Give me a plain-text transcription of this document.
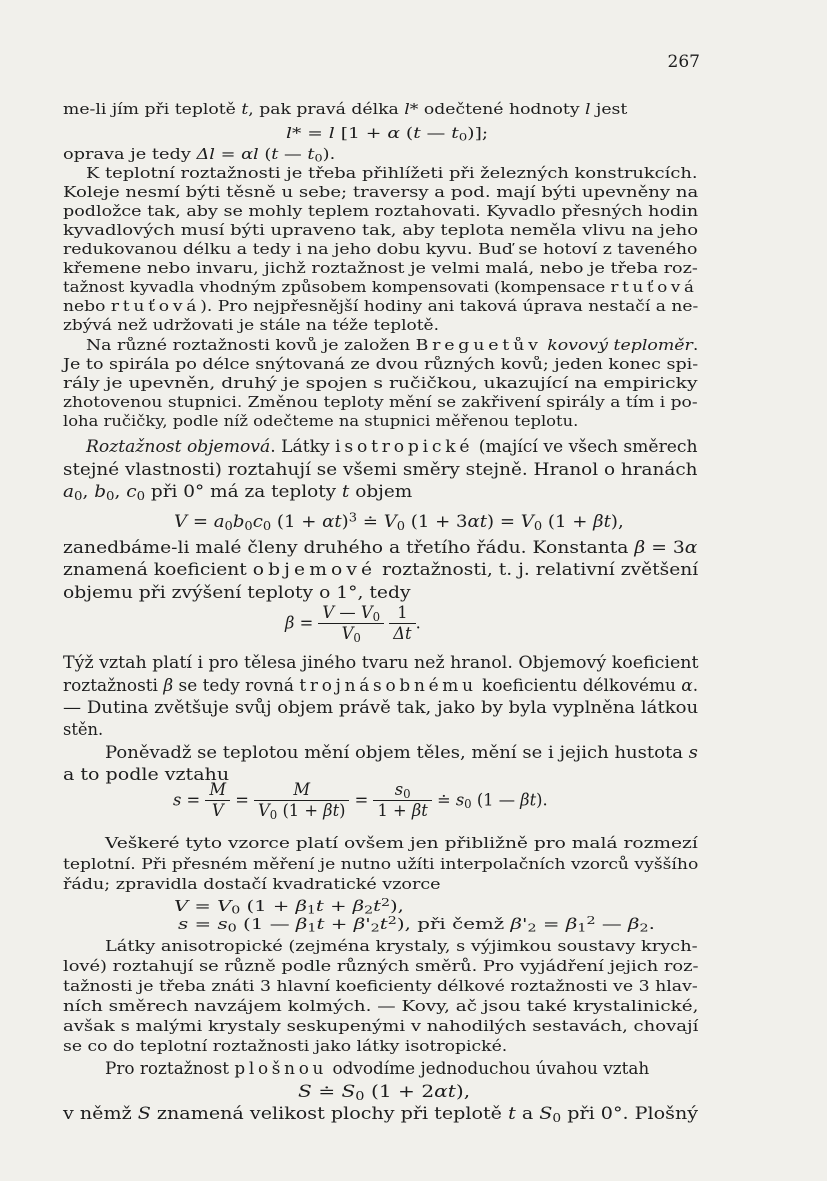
267
me-li jím při teplotě t, pak pravá délka l* odečtené hodnoty l jest
l* = l [1 + α (t — $t_0$)];
oprava je tedy Δl = αl (t — $t_0$).
K teplotní roztažnosti je třeba přihlížeti při železných konstrukcích.
Koleje nesmí býti těsně u sebe; traversy a pod. mají býti upevněny na
podložce tak, aby se mohly teplem roztahovati. Kyvadlo přesných hodin
kyvadlových musí býti upraveno tak, aby teplota neměla vlivu na jeho
redukovanou délku a tedy i na jeho dobu kyvu. Buď se hotoví z taveného
křemene nebo invaru, jichž roztažnost je velmi malá, nebo je třeba roz-
tažnost kyvadla vhodným způsobem kompensovati (kompensace rtuťová
nebo rtuťová). Pro nejpřesnější hodiny ani taková úprava nestačí a ne-
zbývá než udržovati je stále na téže teplotě.
Na různé roztažnosti kovů je založen Breguetův kovový teploměr.
Je to spirála po délce snýtovaná ze dvou různých kovů; jeden konec spi-
rály je upevněn, druhý je spojen s ručičkou, ukazující na empiricky
zhotovenou stupnici. Změnou teploty mění se zakřivení spirály a tím i po-
loha ručičky, podle níž odečteme na stupnici měřenou teplotu.
Roztažnost objemová. Látky isotropické (mající ve všech směrech
stejné vlastnosti) roztahují se všemi směry stejně. Hranol o hranách
$a_0$, $b_0$, $c_0$ při 0° má za teploty t objem
$V = a_0b_0c_0$ $(1 + \alpha t)^3$ ≐ $V_0$ $(1 + 3\alpha t) = V_0$ (1 + βt),
zanedbáme-li malé členy druhého a třetího řádu. Konstanta β = 3α
znamená koeficient objemové roztažnosti, t. j. relativní zvětšení
objemu při zvýšení teploty o 1°, tedy
$\beta = \frac{V — V_0}{V_0}$
$\frac{1}{\Delta t}$ .
Týž vztah platí i pro tělesa jiného tvaru než hranol. Objemový koeficient
roztažnosti β se tedy rovná trojnásobnému koeficientu délkovému α.
— Dutina zvětšuje svůj objem právě tak, jako by byla vyplněna látkou
stěn.
Poněvadž se teplotou mění objem těles, mění se i jejich hustota s
a to podle vztahu
$s = \frac{M}{V} = \frac{M}{V_0 (1 + \beta t)} = \frac{s_0}{1 + \beta t}$ ≐ $s_0$ (1 — βt).
Veškeré tyto vzorce platí ovšem jen přibližně pro malá rozmezí
teplotní. Při přesném měření je nutno užíti interpolačních vzorců vyššího
řádu; zpravidla dostačí kvadratické vzorce
$V = V_0$ $(1 + \beta_1t + \beta_2t^2)$,
$s = s_0$ (1 — $\beta_1t + \beta'_2t^2$), při čemž $\beta'_2 = \beta_1^2$ — $\beta_2$.
Látky anisotropické (zejména krystaly, s výjimkou soustavy krych-
lové) roztahují se různě podle různých směrů. Pro vyjádření jejich roz-
tažnosti je třeba znáti 3 hlavní koeficienty délkové roztažnosti ve 3 hlav-
ních směrech navzájem kolmých. — Kovy, ač jsou také krystalinické,
avšak s malými krystaly seskupenými v nahodilých sestavách, chovají
se co do teplotní roztažnosti jako látky isotropické.
Pro roztažnost plošnou odvodíme jednoduchou úvahou vztah
S ≐ $S_0$ (1 + 2αt),
v němž S znamená velikost plochy při teplotě t a $S_0$ při 0°. Plošný
